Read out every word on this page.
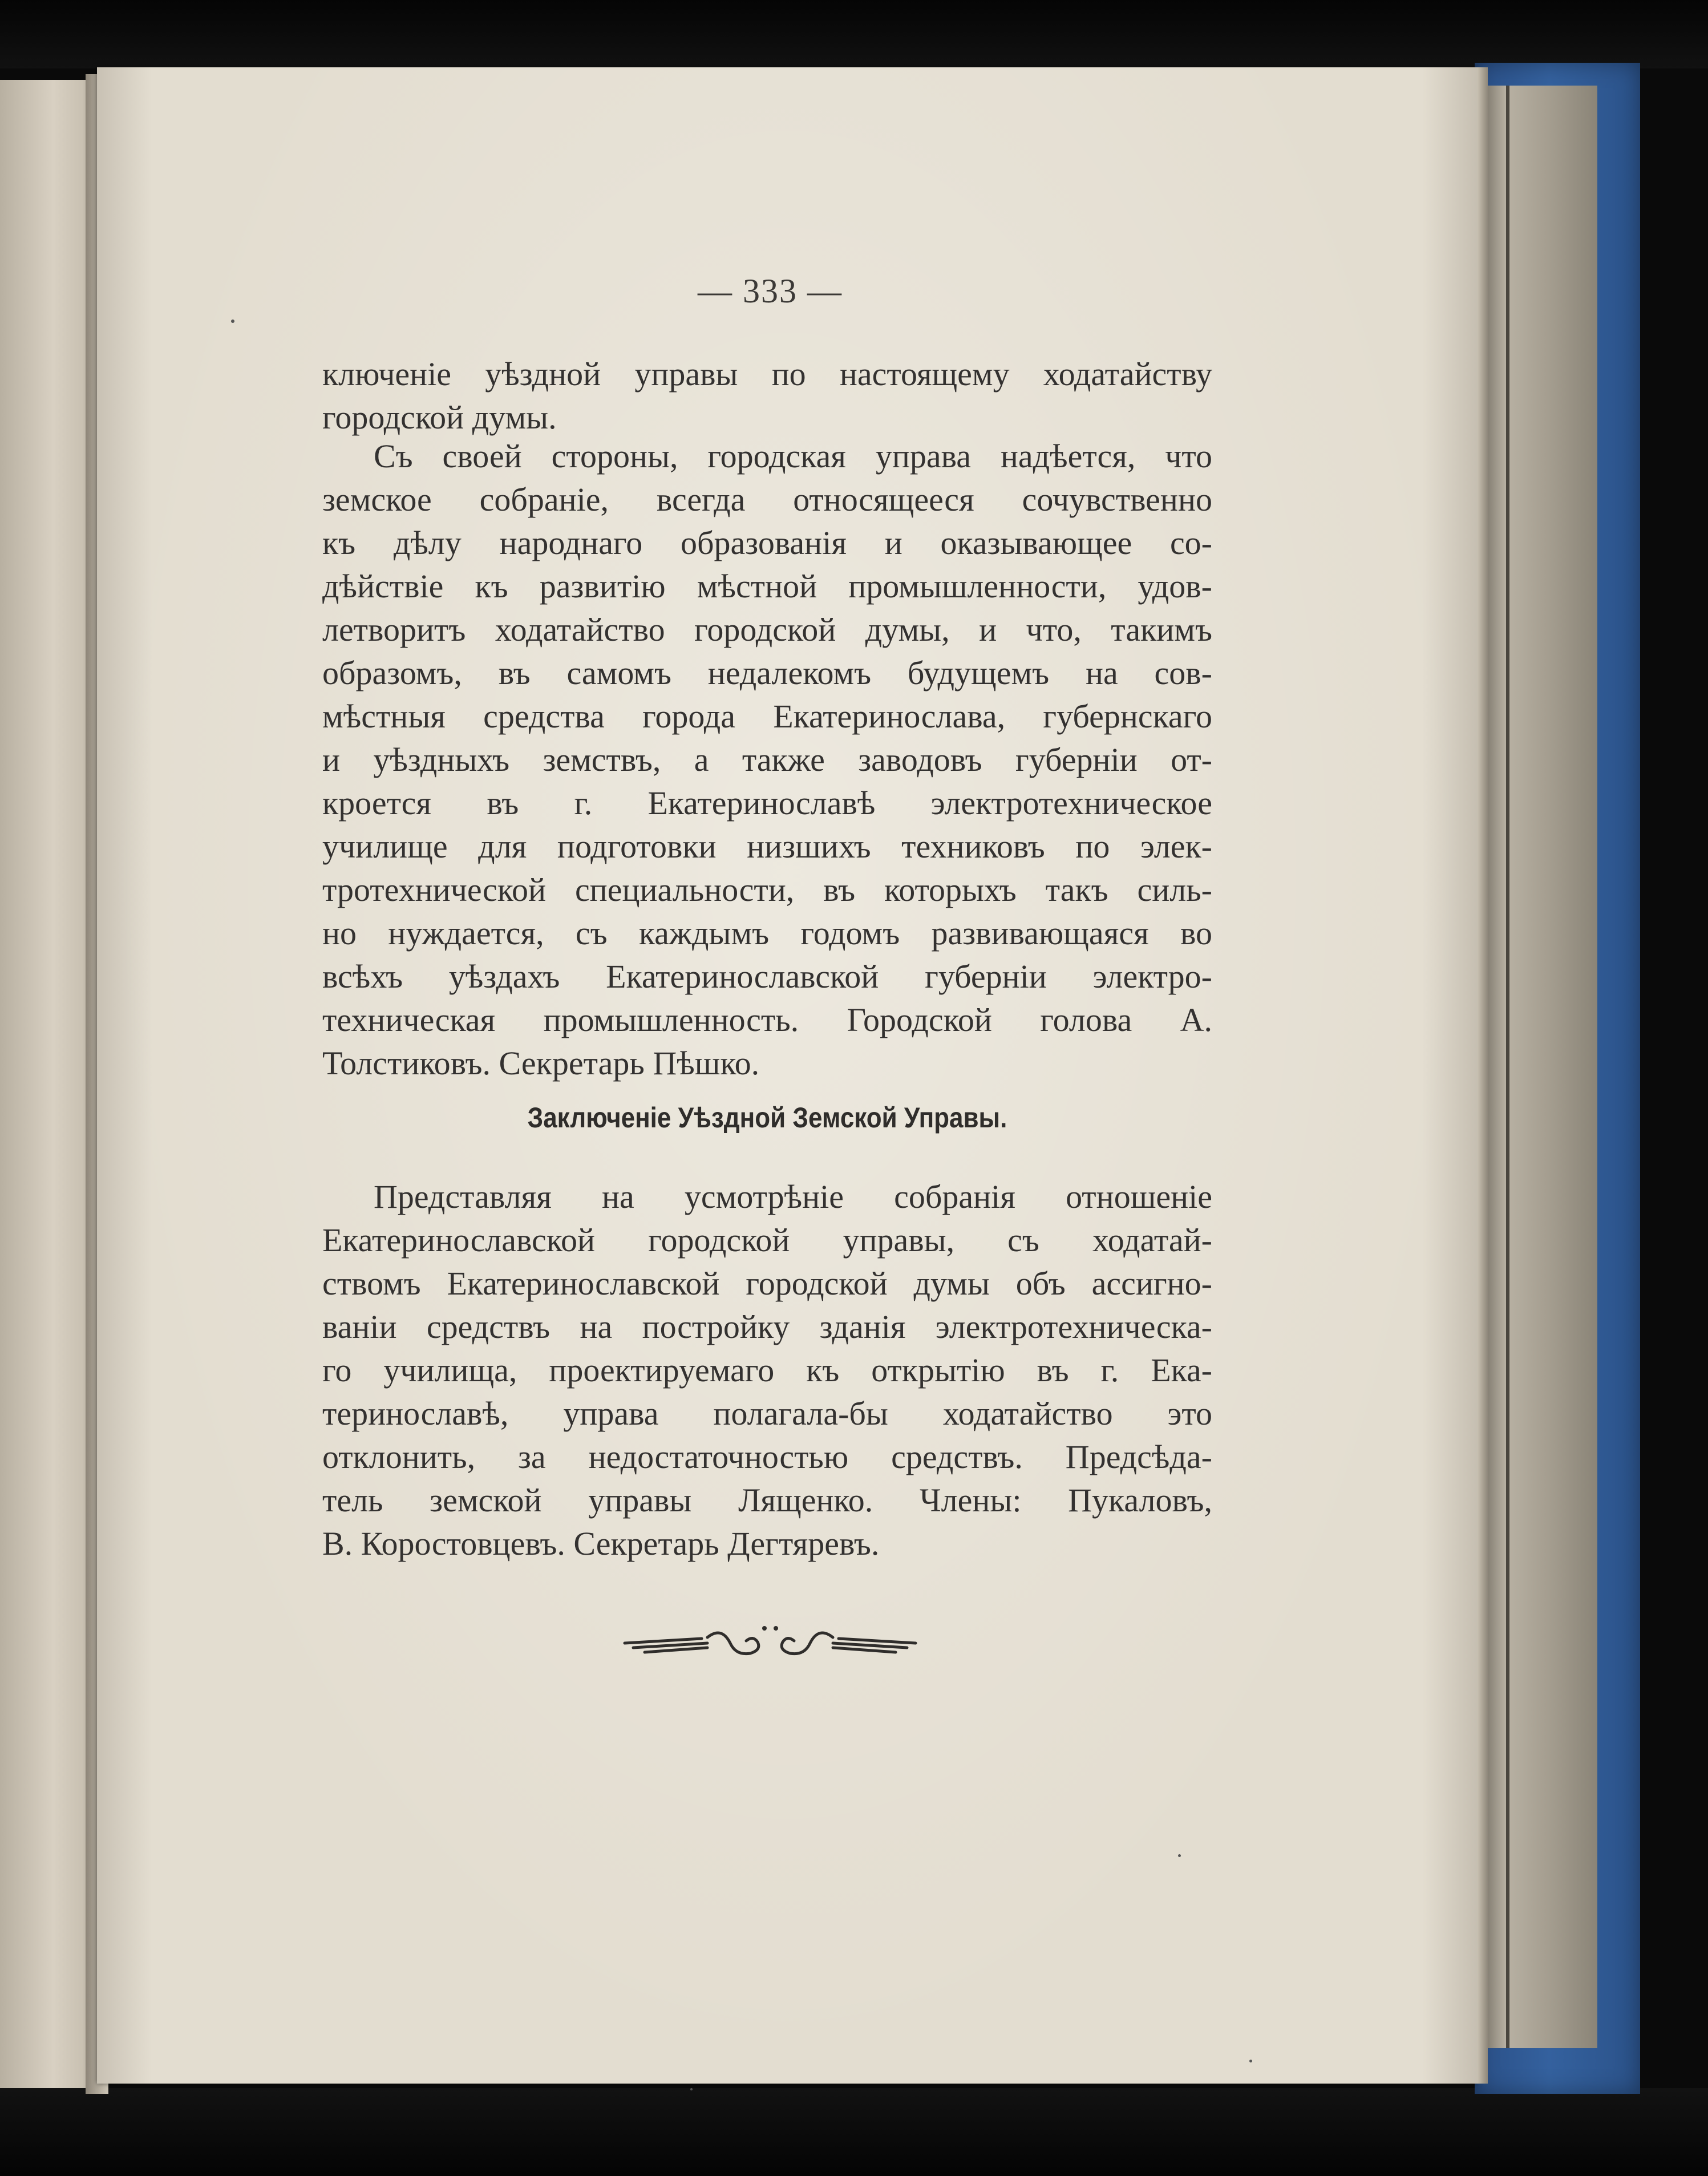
— 333 —
ключеніе уѣздной управы по настоящему ходатайству
городской думы.
Съ своей стороны, городская управа надѣется, что
земское собраніе, всегда относящееся сочувственно
къ дѣлу народнаго образованія и оказывающее со-
дѣйствіе къ развитію мѣстной промышленности, удов-
летворитъ ходатайство городской думы, и что, такимъ
образомъ, въ самомъ недалекомъ будущемъ на сов-
мѣстныя средства города Екатеринослава, губернскаго
и уѣздныхъ земствъ, а также заводовъ губерніи от-
кроется въ г. Екатеринославѣ электротехническое
училище для подготовки низшихъ техниковъ по элек-
тротехнической специальности, въ которыхъ такъ силь-
но нуждается, съ каждымъ годомъ развивающаяся во
всѣхъ уѣздахъ Екатеринославской губерніи электро-
техническая промышленность. Городской голова А.
Толстиковъ. Секретарь Пѣшко.
Заключеніе Уѣздной Земской Управы.
Представляя на усмотрѣніе собранія отношеніе
Екатеринославской городской управы, съ ходатай-
ствомъ Екатеринославской городской думы объ ассигно-
ваніи средствъ на постройку зданія электротехническа-
го училища, проектируемаго къ открытію въ г. Ека-
теринославѣ, управа полагала-бы ходатайство это
отклонить, за недостаточностью средствъ. Предсѣда-
тель земской управы Лященко. Члены: Пукаловъ,
В. Коростовцевъ. Секретарь Дегтяревъ.
